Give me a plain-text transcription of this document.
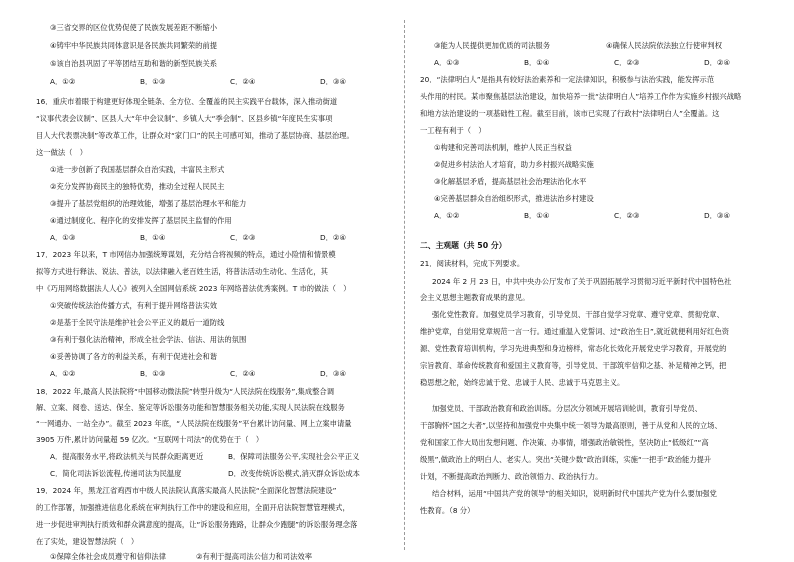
③三省交界的区位优势促使了民族发展差距不断缩小
④铸牢中华民族共同体意识是各民族共同繁荣的前提
⑤该自治县巩固了平等团结互助和谐的新型民族关系
A．①②	B．①③	C．②④	D．③④
16．重庆市着眼于构建更好体现全链条、全方位、全覆盖的民主实践平台载体，深入推动街道
“议事代表会议制”、区县人大“年中会议制”、乡镇人大“季会制”、区县乡镇“年度民生实事项
目人大代表票决制”等改革工作，让群众对“家门口”的民主可感可知，推动了基层协商、基层治理。
这一做法（　）
①进一步创新了我国基层群众自治实践，丰富民主形式
②充分发挥协商民主的独特优势，推动全过程人民民主
③提升了基层党组织的治理效能，增强了基层治理水平和能力
④通过制度化、程序化的安排发挥了基层民主监督的作用
A．①③	B．①④	C．②③	D．②④
17．2023 年以来，T 市网信办加强统筹谋划，充分结合将视频的特点，通过小险情和情景模
拟等方式进行释法、说法、普法，以法律融入老百姓生活，将普法活动生动化、生活化，其
中《巧用网络数据法人人心》被列入全国网信系统 2023 年网络普法优秀案例。T 市的做法（　）
①突破传统法治传播方式，有利于提升网络普法实效
②是基于全民守法是维护社会公平正义的最后一道防线
③有利于强化法治精神，形成全社会学法、信法、用法的氛围
④妥善协调了各方的利益关系，有利于促进社会和谐
A．①②	B．①③	C．②④	D．③④
18．2022 年,最高人民法院将“中国移动微法院”转型升级为“人民法院在线服务”,集成整合调
解、立案、阅卷、送达、保全、鉴定等诉讼服务功能和智慧服务相关功能,实现人民法院在线服务
“一网通办、一站全办”。截至 2023 年底，“人民法院在线服务”平台累计访问量、网上立案申请量
3905 万件,累计访问量超 59 亿次。“互联网十司法”的优势在于（　）
A．提高服务水平,将政法机关与民群众距离更近	B．保障司法服务公平,实现社会公平正义
C．简化司法诉讼流程,传递司法为民温度	D．改变传统诉讼模式,消灭群众诉讼成本
19．2024 年，黑龙江省鸡西市中级人民法院认真落实最高人民法院“全面深化智慧法院建设”
的工作部署，加强推进信息化系统在审判执行工作中的建设和应用，全面开启法院智慧管理模式，
进一步促进审判执行质效和群众满意度的提高，让“诉讼服务跑路，让群众少跑腿”的诉讼服务理念落
在了实处，建设智慧法院（　）
①保障全体社会成员遵守和信仰法律	②有利于提高司法公信力和司法效率
③能为人民提供更加优质的司法服务	④确保人民法院依法独立行使审判权
A．①③	B．①④	C．②③	D．②④
20．“法律明白人”是指具有较好法治素养和一定法律知识，积极参与法治实践，能发挥示范
头作用的村民。某市聚焦基层法治建设，加快培养一批“法律明白人”培养工作作为实施乡村振兴战略
和地方法治建设的一项基础性工程。截至目前，该市已实现了行政村“法律明白人”全覆盖。这
一工程有利于（　）
①构建和完善司法机制，维护人民正当权益
②促进乡村法治人才培育，助力乡村振兴战略实施
③化解基层矛盾，提高基层社会治理法治化水平
④完善基层群众自治组织形式，推进法治乡村建设
A．①②	B．①④	C．②③	D．③④
二、主观题（共 50 分）
21．阅读材料，完成下列要求。
2024 年 2 月 23 日，中共中央办公厅发布了关于巩固拓展学习贯彻习近平新时代中国特色社
会主义思想主题教育成果的意见。
强化党性教育。加强党员学习教育，引导党员、干部自觉学习党章、遵守党章、贯彻党章、
维护党章，自觉用党章规范一言一行。通过重温入党誓词、过“政治生日”,就近就便利用好红色资
源、党性教育培训机构，学习先进典型和身边榜样，常态化长效化开展党史学习教育，开展党的
宗旨教育、革命传统教育和爱国主义教育等，引导党员、干部筑牢信仰之基、补足精神之钙，把
稳思想之舵，始终忠诚于党、忠诚于人民、忠诚于马克思主义。
加强党员、干部政治教育和政治训练。分层次分领域开展培训轮训，教育引导党员、
干部胸怀“国之大者”,以坚持和加强党中央集中统一领导为最高原则，善于从党和人民的立场、
党和国家工作大局出发想问题、作决策、办事情，增强政治敏锐性，坚决防止“低级红”“高
级黑”,做政治上的明白人、老实人。突出“关键少数”政治训练，实施“一把手”政治能力提升
计划，不断提高政治判断力、政治领悟力、政治执行力。
结合材料，运用“中国共产党的领导”的相关知识，说明新时代中国共产党为什么要加强党
性教育。（8 分）
